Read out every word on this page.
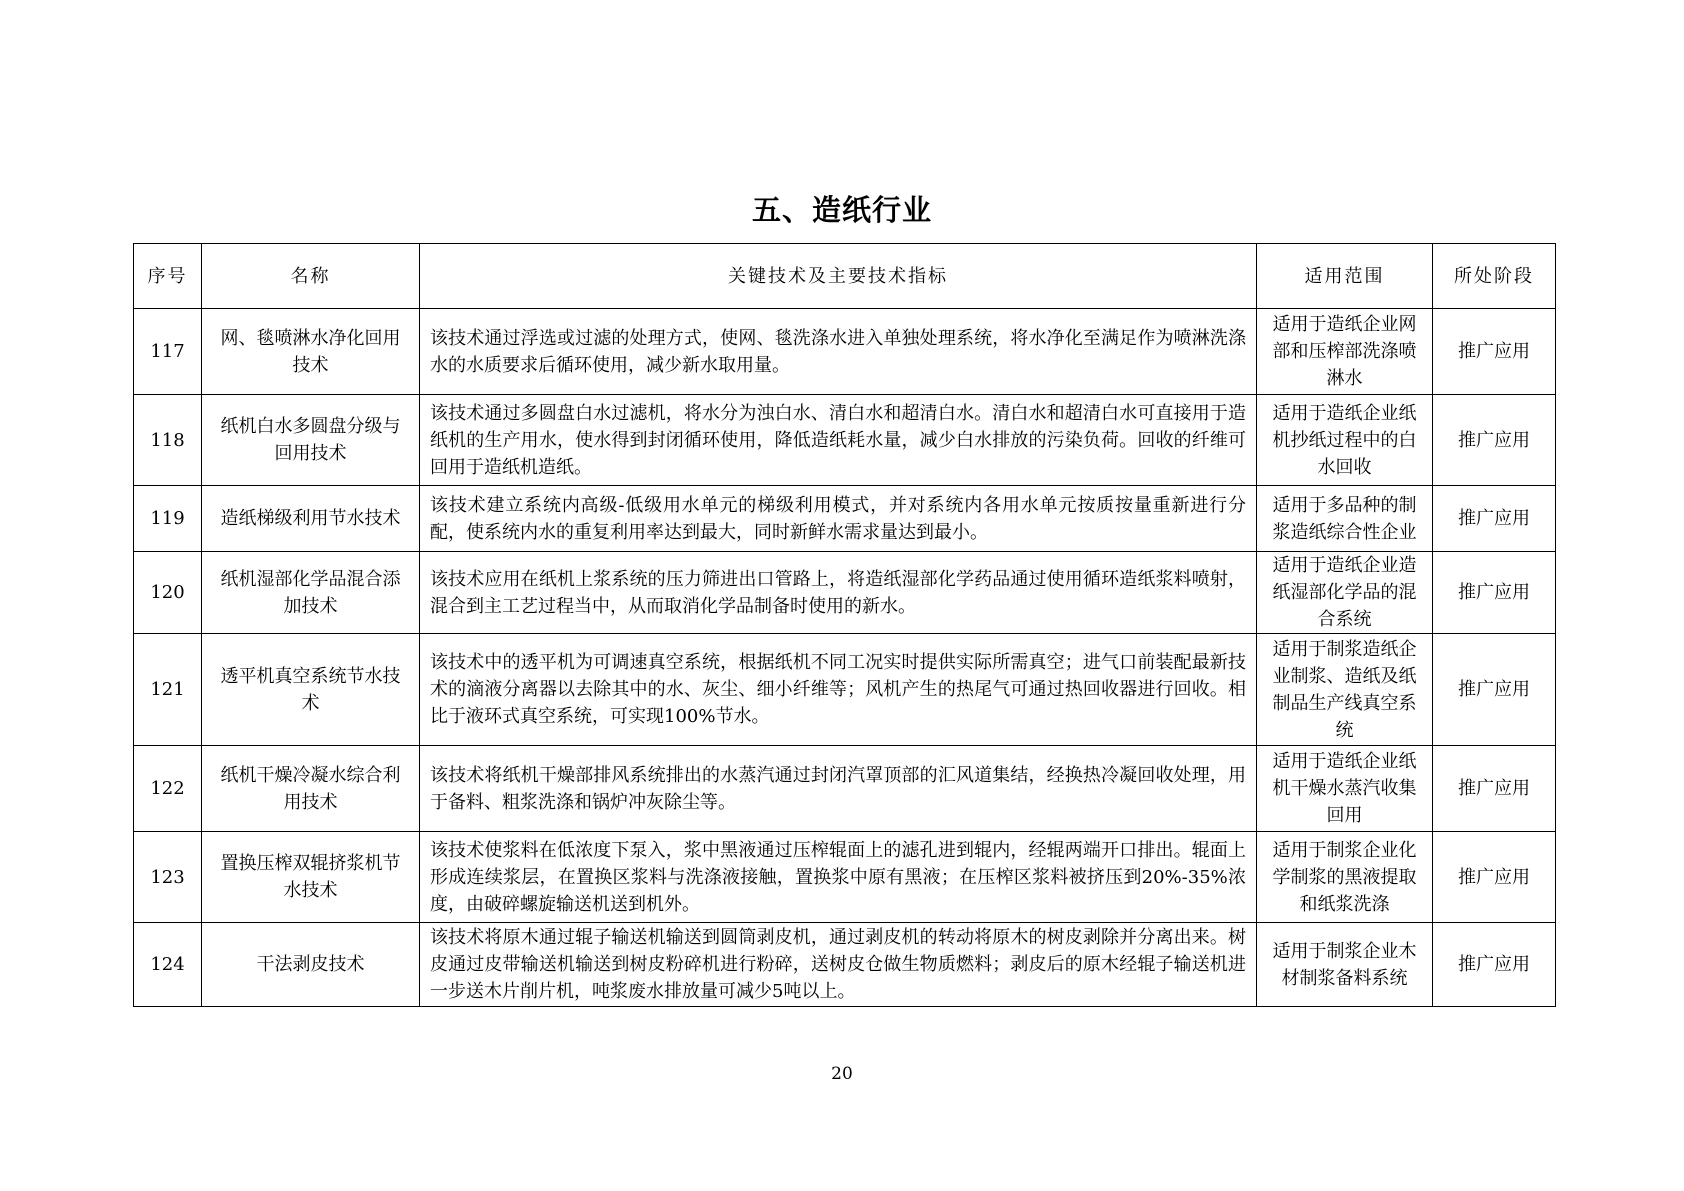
五、造纸行业
序号	名称	关键技术及主要技术指标	适用范围	所处阶段
117	网、毯喷淋水净化回用技术	该技术通过浮选或过滤的处理方式，使网、毯洗涤水进入单独处理系统，将水净化至满足作为喷淋洗涤水的水质要求后循环使用，减少新水取用量。	适用于造纸企业网部和压榨部洗涤喷淋水	推广应用
118	纸机白水多圆盘分级与回用技术	该技术通过多圆盘白水过滤机，将水分为浊白水、清白水和超清白水。清白水和超清白水可直接用于造纸机的生产用水，使水得到封闭循环使用，降低造纸耗水量，减少白水排放的污染负荷。回收的纤维可回用于造纸机造纸。	适用于造纸企业纸机抄纸过程中的白水回收	推广应用
119	造纸梯级利用节水技术	该技术建立系统内高级-低级用水单元的梯级利用模式，并对系统内各用水单元按质按量重新进行分配，使系统内水的重复利用率达到最大，同时新鲜水需求量达到最小。	适用于多品种的制浆造纸综合性企业	推广应用
120	纸机湿部化学品混合添加技术	该技术应用在纸机上浆系统的压力筛进出口管路上，将造纸湿部化学药品通过使用循环造纸浆料喷射，混合到主工艺过程当中，从而取消化学品制备时使用的新水。	适用于造纸企业造纸湿部化学品的混合系统	推广应用
121	透平机真空系统节水技术	该技术中的透平机为可调速真空系统，根据纸机不同工况实时提供实际所需真空；进气口前装配最新技术的滴液分离器以去除其中的水、灰尘、细小纤维等；风机产生的热尾气可通过热回收器进行回收。相比于液环式真空系统，可实现100%节水。	适用于制浆造纸企业制浆、造纸及纸制品生产线真空系统	推广应用
122	纸机干燥冷凝水综合利用技术	该技术将纸机干燥部排风系统排出的水蒸汽通过封闭汽罩顶部的汇风道集结，经换热冷凝回收处理，用于备料、粗浆洗涤和锅炉冲灰除尘等。	适用于造纸企业纸机干燥水蒸汽收集回用	推广应用
123	置换压榨双辊挤浆机节水技术	该技术使浆料在低浓度下泵入，浆中黑液通过压榨辊面上的滤孔进到辊内，经辊两端开口排出。辊面上形成连续浆层，在置换区浆料与洗涤液接触，置换浆中原有黑液；在压榨区浆料被挤压到20%-35%浓度，由破碎螺旋输送机送到机外。	适用于制浆企业化学制浆的黑液提取和纸浆洗涤	推广应用
124	干法剥皮技术	该技术将原木通过辊子输送机输送到圆筒剥皮机，通过剥皮机的转动将原木的树皮剥除并分离出来。树皮通过皮带输送机输送到树皮粉碎机进行粉碎，送树皮仓做生物质燃料；剥皮后的原木经辊子输送机进一步送木片削片机，吨浆废水排放量可减少5吨以上。	适用于制浆企业木材制浆备料系统	推广应用
20
